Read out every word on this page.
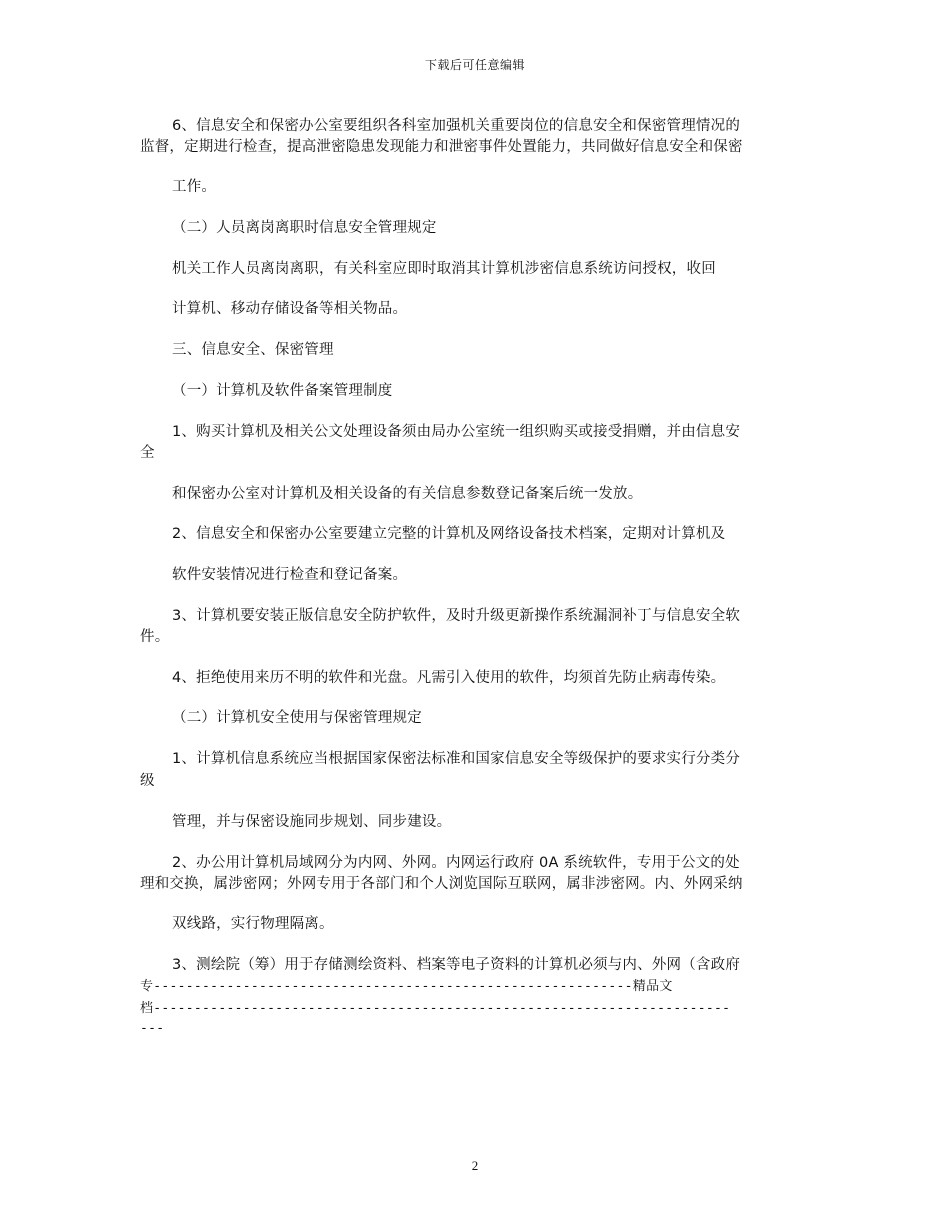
下载后可任意编辑
6、信息安全和保密办公室要组织各科室加强机关重要岗位的信息安全和保密管理情况的
监督，定期进行检查，提高泄密隐患发现能力和泄密事件处置能力，共同做好信息安全和保密
工作。
（二）人员离岗离职时信息安全管理规定
机关工作人员离岗离职，有关科室应即时取消其计算机涉密信息系统访问授权，收回
计算机、移动存储设备等相关物品。
三、信息安全、保密管理
（一）计算机及软件备案管理制度
1、购买计算机及相关公文处理设备须由局办公室统一组织购买或接受捐赠，并由信息安
全
和保密办公室对计算机及相关设备的有关信息参数登记备案后统一发放。
2、信息安全和保密办公室要建立完整的计算机及网络设备技术档案，定期对计算机及
软件安装情况进行检查和登记备案。
3、计算机要安装正版信息安全防护软件，及时升级更新操作系统漏洞补丁与信息安全软
件。
4、拒绝使用来历不明的软件和光盘。凡需引入使用的软件，均须首先防止病毒传染。
（二）计算机安全使用与保密管理规定
1、计算机信息系统应当根据国家保密法标准和国家信息安全等级保护的要求实行分类分
级
管理，并与保密设施同步规划、同步建设。
2、办公用计算机局域网分为内网、外网。内网运行政府 0A 系统软件，专用于公文的处
理和交换，属涉密网；外网专用于各部门和个人浏览国际互联网，属非涉密网。内、外网采纳
双线路，实行物理隔离。
3、测绘院（筹）用于存储测绘资料、档案等电子资料的计算机必须与内、外网（含政府
专-----------------------------------------------------------精品文
档-----------------------------------------------------------------------
---
2
